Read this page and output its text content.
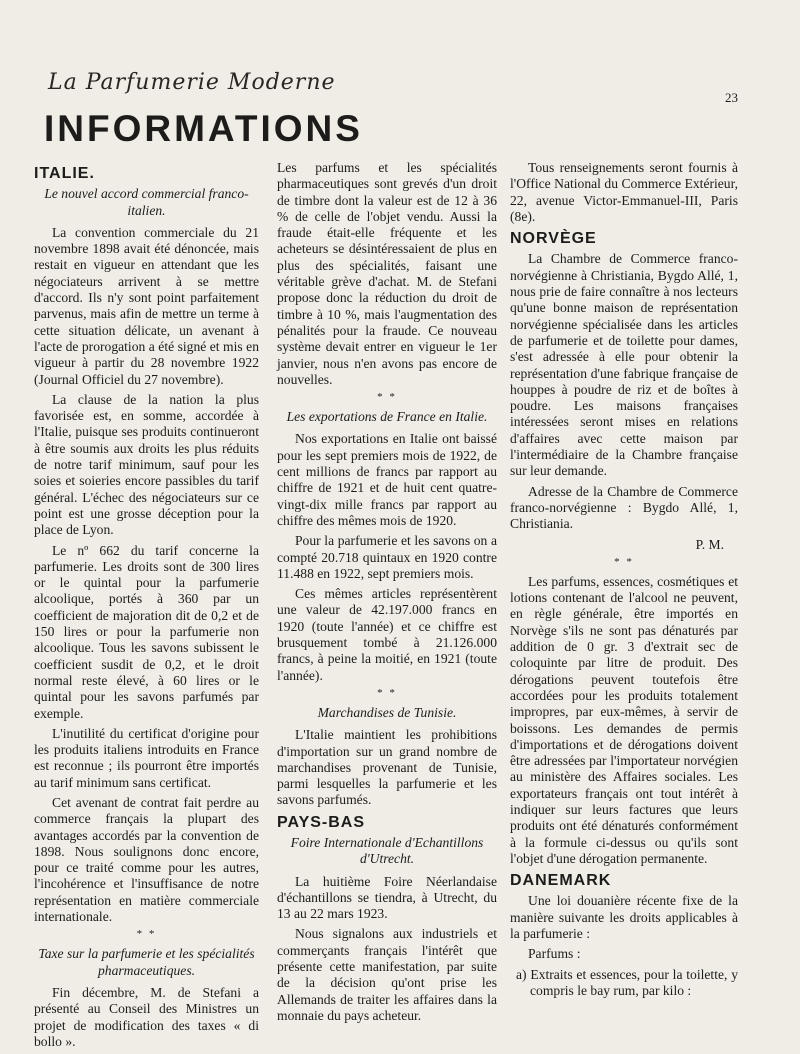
La Parfumerie Moderne
23
INFORMATIONS
ITALIE.
Le nouvel accord commercial franco-italien.

La convention commerciale du 21 novembre 1898 avait été dénoncée, mais restait en vigueur en attendant que les négociateurs arrivent à se mettre d'accord. Ils n'y sont point parfaitement parvenus, mais afin de mettre un terme à cette situation délicate, un avenant à l'acte de prorogation a été signé et mis en vigueur à partir du 28 novembre 1922 (Journal Officiel du 27 novembre).

La clause de la nation la plus favorisée est, en somme, accordée à l'Italie, puisque ses produits continueront à être soumis aux droits les plus réduits de notre tarif minimum, sauf pour les soies et soieries encore passibles du tarif général. L'échec des négociateurs sur ce point est une grosse déception pour la place de Lyon.

Le nº 662 du tarif concerne la parfumerie. Les droits sont de 300 lires or le quintal pour la parfumerie alcoolique, portés à 360 par un coefficient de majoration dit de 0,2 et de 150 lires or pour la parfumerie non alcoolique. Tous les savons subissent le coefficient susdit de 0,2, et le droit normal reste élevé, à 60 lires or le quintal pour les savons parfumés par exemple.

L'inutilité du certificat d'origine pour les produits italiens introduits en France est reconnue ; ils pourront être importés au tarif minimum sans certificat.

Cet avenant de contrat fait perdre au commerce français la plupart des avantages accordés par la convention de 1898. Nous soulignons donc encore, pour ce traité comme pour les autres, l'incohérence et l'insuffisance de notre représentation en matière commerciale internationale.

* *
Taxe sur la parfumerie et les spécialités pharmaceutiques.

Fin décembre, M. de Stefani a présenté au Conseil des Ministres un projet de modification des taxes « di bollo ».

Les parfums et les spécialités pharmaceutiques sont grevés d'un droit de timbre dont la valeur est de 12 à 36 % de celle de l'objet vendu. Aussi la fraude était-elle fréquente et les acheteurs se désintéressaient de plus en plus des spécialités, faisant une véritable grève d'achat. M. de Stefani propose donc la réduction du droit de timbre à 10 %, mais l'augmentation des pénalités pour la fraude. Ce nouveau système devait entrer en vigueur le 1er janvier, nous n'en avons pas encore de nouvelles.

* *
Les exportations de France en Italie.

Nos exportations en Italie ont baissé pour les sept premiers mois de 1922, de cent millions de francs par rapport au chiffre de 1921 et de huit cent quatre-vingt-dix mille francs par rapport au chiffre des mêmes mois de 1920.

Pour la parfumerie et les savons on a compté 20.718 quintaux en 1920 contre 11.488 en 1922, sept premiers mois.

Ces mêmes articles représentèrent une valeur de 42.197.000 francs en 1920 (toute l'année) et ce chiffre est brusquement tombé à 21.126.000 francs, à peine la moitié, en 1921 (toute l'année).

* *
Marchandises de Tunisie.

L'Italie maintient les prohibitions d'importation sur un grand nombre de marchandises provenant de Tunisie, parmi lesquelles la parfumerie et les savons parfumés.

PAYS-BAS
Foire Internationale d'Echantillons d'Utrecht.

La huitième Foire Néerlandaise d'échantillons se tiendra, à Utrecht, du 13 au 22 mars 1923.

Nous signalons aux industriels et commerçants français l'intérêt que présente cette manifestation, par suite de la décision qu'ont prise les Allemands de traiter les affaires dans la monnaie du pays acheteur.

Tous renseignements seront fournis à l'Office National du Commerce Extérieur, 22, avenue Victor-Emmanuel-III, Paris (8e).

NORVÈGE

La Chambre de Commerce franco-norvégienne à Christiania, Bygdo Allé, 1, nous prie de faire connaître à nos lecteurs qu'une bonne maison de représentation norvégienne spécialisée dans les articles de parfumerie et de toilette pour dames, s'est adressée à elle pour obtenir la représentation d'une fabrique française de houppes à poudre de riz et de boîtes à poudre. Les maisons françaises intéressées seront mises en relations d'affaires avec cette maison par l'intermédiaire de la Chambre française sur leur demande.

Adresse de la Chambre de Commerce franco-norvégienne : Bygdo Allé, 1, Christiania.

P. M.
* *

Les parfums, essences, cosmétiques et lotions contenant de l'alcool ne peuvent, en règle générale, être importés en Norvège s'ils ne sont pas dénaturés par addition de 0 gr. 3 d'extrait sec de coloquinte par litre de produit. Des dérogations peuvent toutefois être accordées pour les produits totalement impropres, par eux-mêmes, à servir de boissons. Les demandes de permis d'importations et de dérogations doivent être adressées par l'importateur norvégien au ministère des Affaires sociales. Les exportateurs français ont tout intérêt à indiquer sur leurs factures que leurs produits ont été dénaturés conformément à la formule ci-dessus ou qu'ils sont l'objet d'une dérogation permanente.

DANEMARK

Une loi douanière récente fixe de la manière suivante les droits applicables à la parfumerie :

Parfums :

a) Extraits et essences, pour la toilette, y compris le bay rum, par kilo :
